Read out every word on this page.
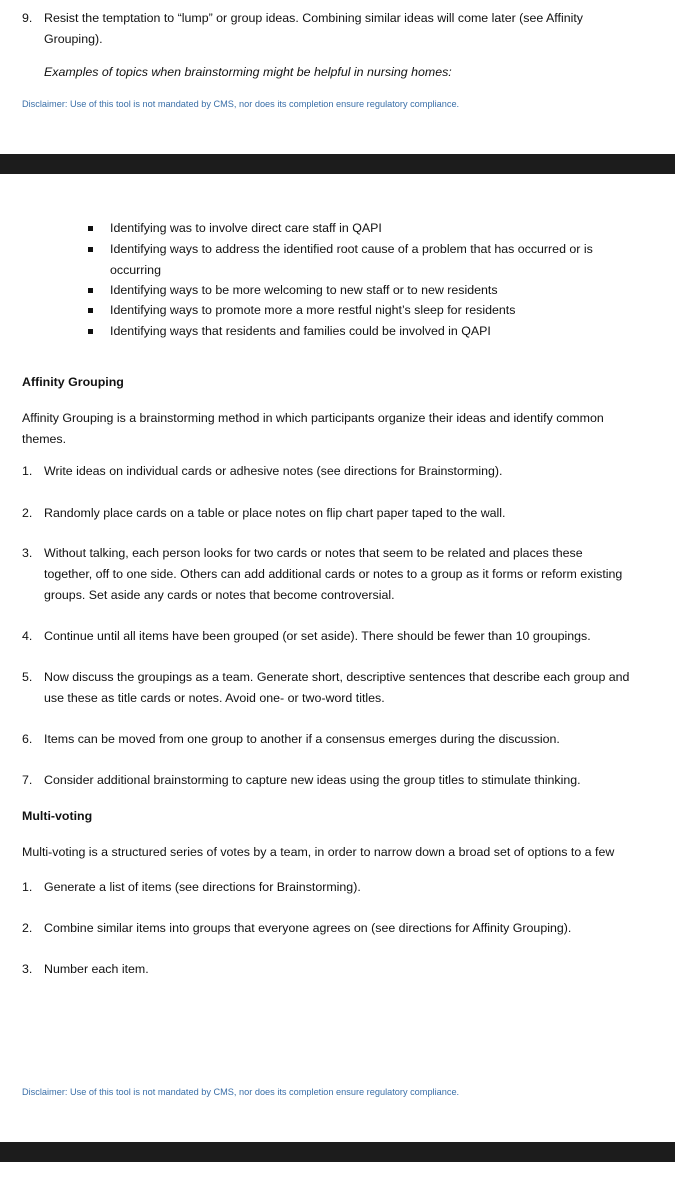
9. Resist the temptation to “lump” or group ideas. Combining similar ideas will come later (see Affinity
Grouping).
Examples of topics when brainstorming might be helpful in nursing homes:
Disclaimer: Use of this tool is not mandated by CMS, nor does its completion ensure regulatory compliance.
Identifying was to involve direct care staff in QAPI
Identifying ways to address the identified root cause of a problem that has occurred or is
occurring
Identifying ways to be more welcoming to new staff or to new residents
Identifying ways to promote more a more restful night’s sleep for residents
Identifying ways that residents and families could be involved in QAPI
Affinity Grouping
Affinity Grouping is a brainstorming method in which participants organize their ideas and identify common
themes.
1. Write ideas on individual cards or adhesive notes (see directions for Brainstorming).
2. Randomly place cards on a table or place notes on flip chart paper taped to the wall.
3. Without talking, each person looks for two cards or notes that seem to be related and places these
together, off to one side. Others can add additional cards or notes to a group as it forms or reform existing
groups. Set aside any cards or notes that become controversial.
4. Continue until all items have been grouped (or set aside). There should be fewer than 10 groupings.
5. Now discuss the groupings as a team. Generate short, descriptive sentences that describe each group and
use these as title cards or notes. Avoid one- or two-word titles.
6. Items can be moved from one group to another if a consensus emerges during the discussion.
7. Consider additional brainstorming to capture new ideas using the group titles to stimulate thinking.
Multi-voting
Multi-voting is a structured series of votes by a team, in order to narrow down a broad set of options to a few
1. Generate a list of items (see directions for Brainstorming).
2. Combine similar items into groups that everyone agrees on (see directions for Affinity Grouping).
3. Number each item.
Disclaimer: Use of this tool is not mandated by CMS, nor does its completion ensure regulatory compliance.
